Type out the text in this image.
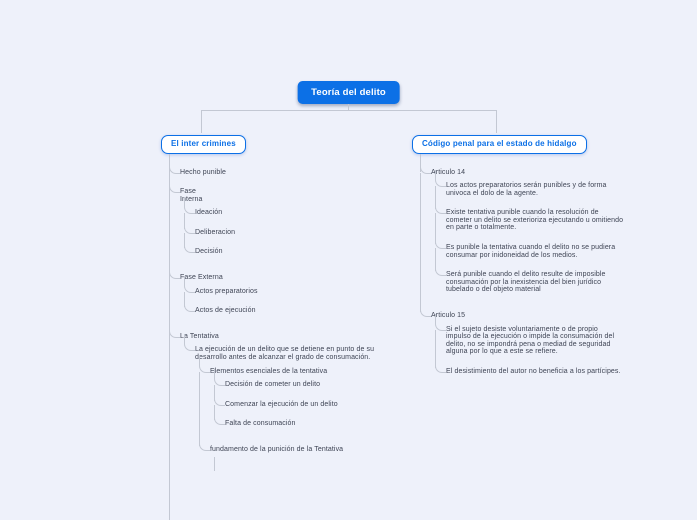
Teoría del delito
El inter crimines
Hecho punible
Fase Interna
Ideación
Deliberacion
Decisión
Fase Externa
Actos preparatorios
Actos de ejecución
La Tentativa
La ejecución de un delito que se detiene en punto de su desarrollo antes de alcanzar el grado de consumación.
Elementos esenciales de la tentativa
Decisión de cometer un delito
Comenzar la ejecución de un delito
Falta de consumación
fundamento de la punición de la Tentativa
Código penal para el estado de hidalgo
Articulo 14
Los actos preparatorios serán punibles y de forma univoca el dolo de la agente.
Existe tentativa punible cuando la resolución de cometer un delito se exterioriza ejecutando u omitiendo en parte o totalmente.
Es punible la tentativa cuando el delito no se pudiera consumar por inidoneidad de los medios.
Será punible cuando el delito resulte de imposible consumación por la inexistencia del bien jurídico tubelado o del objeto material
Articulo 15
Si el sujeto desiste voluntariamente o de propio impulso de la ejecución o impide la consumación del delito, no se impondrá pena o mediad de seguridad alguna por lo que a este se refiere.
El desistimiento del autor no beneficia a los partícipes.
